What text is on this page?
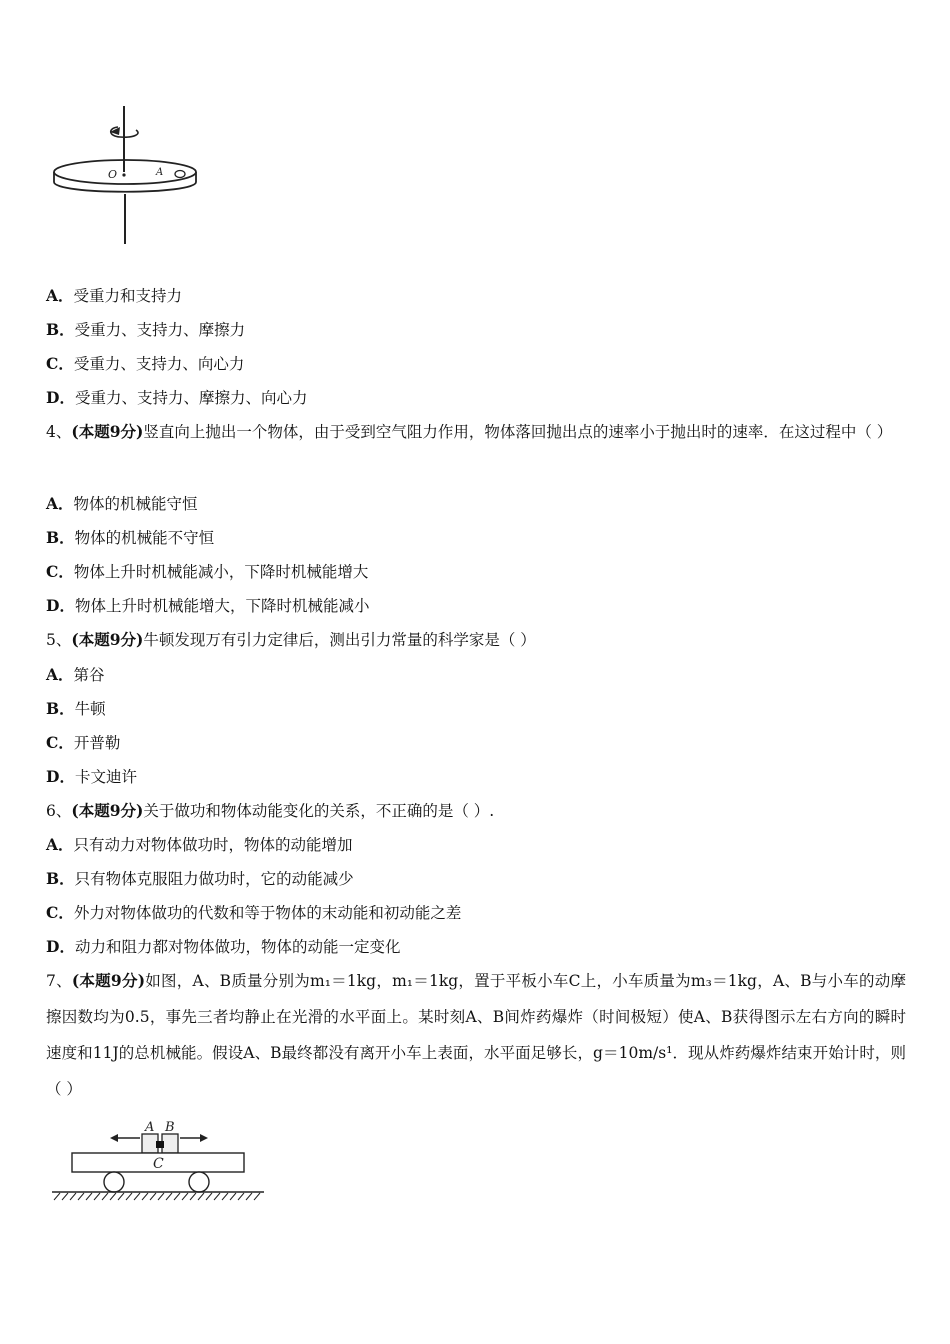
O	A
A．受重力和支持力
B．受重力、支持力、摩擦力
C．受重力、支持力、向心力
D．受重力、支持力、摩擦力、向心力
4、(本题9分)竖直向上抛出一个物体，由于受到空气阻力作用，物体落回抛出点的速率小于抛出时的速率．在这过程中（ ）
A．物体的机械能守恒
B．物体的机械能不守恒
C．物体上升时机械能减小，下降时机械能增大
D．物体上升时机械能增大，下降时机械能减小
5、(本题9分)牛顿发现万有引力定律后，测出引力常量的科学家是（ ）
A．第谷
B．牛顿
C．开普勒
D．卡文迪许
6、(本题9分)关于做功和物体动能变化的关系，不正确的是（ ）.
A．只有动力对物体做功时，物体的动能增加
B．只有物体克服阻力做功时，它的动能减少
C．外力对物体做功的代数和等于物体的末动能和初动能之差
D．动力和阻力都对物体做功，物体的动能一定变化
7、(本题9分)如图，A、B质量分别为m₁＝1kg，m₁＝1kg，置于平板小车C上，小车质量为m₃＝1kg，A、B与小车的动摩擦因数均为0.5，事先三者均静止在光滑的水平面上。某时刻A、B间炸药爆炸（时间极短）使A、B获得图示左右方向的瞬时速度和11J的总机械能。假设A、B最终都没有离开小车上表面，水平面足够长，g＝10m/s¹．现从炸药爆炸结束开始计时，则（ ）
A B
C
